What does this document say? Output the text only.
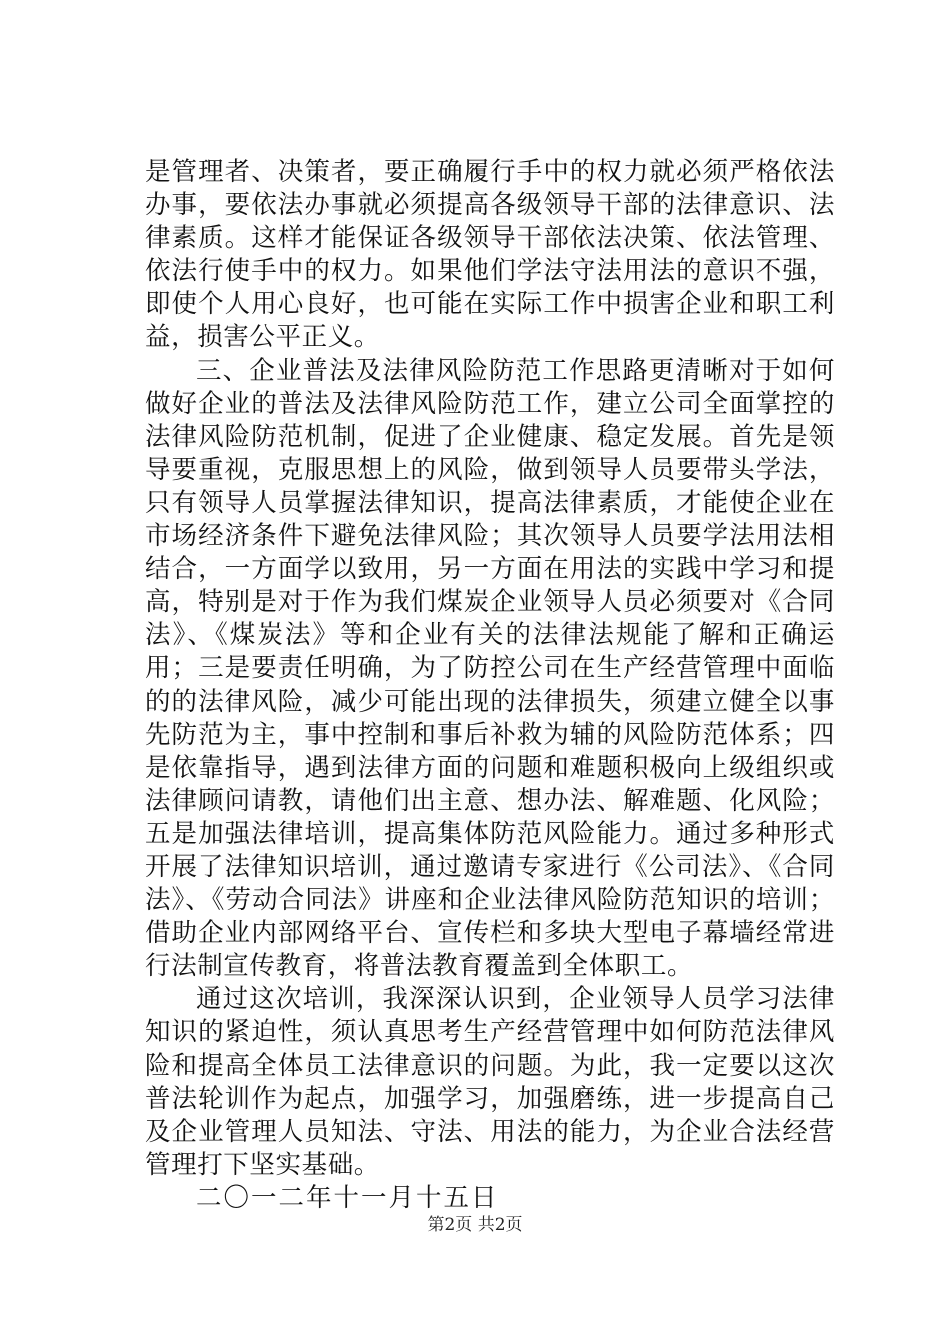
是管理者、决策者，要正确履行手中的权力就必须严格依法办事，要依法办事就必须提高各级领导干部的法律意识、法律素质。这样才能保证各级领导干部依法决策、依法管理、依法行使手中的权力。如果他们学法守法用法的意识不强，即使个人用心良好，也可能在实际工作中损害企业和职工利益，损害公平正义。

三、企业普法及法律风险防范工作思路更清晰对于如何做好企业的普法及法律风险防范工作，建立公司全面掌控的法律风险防范机制，促进了企业健康、稳定发展。首先是领导要重视，克服思想上的风险，做到领导人员要带头学法，只有领导人员掌握法律知识，提高法律素质，才能使企业在市场经济条件下避免法律风险；其次领导人员要学法用法相结合，一方面学以致用，另一方面在用法的实践中学习和提高，特别是对于作为我们煤炭企业领导人员必须要对《合同法》、《煤炭法》等和企业有关的法律法规能了解和正确运用；三是要责任明确，为了防控公司在生产经营管理中面临的的法律风险，减少可能出现的法律损失，须建立健全以事先防范为主，事中控制和事后补救为辅的风险防范体系；四是依靠指导，遇到法律方面的问题和难题积极向上级组织或法律顾问请教，请他们出主意、想办法、解难题、化风险；五是加强法律培训，提高集体防范风险能力。通过多种形式开展了法律知识培训，通过邀请专家进行《公司法》、《合同法》、《劳动合同法》讲座和企业法律风险防范知识的培训；借助企业内部网络平台、宣传栏和多块大型电子幕墙经常进行法制宣传教育，将普法教育覆盖到全体职工。

通过这次培训，我深深认识到，企业领导人员学习法律知识的紧迫性，须认真思考生产经营管理中如何防范法律风险和提高全体员工法律意识的问题。为此，我一定要以这次普法轮训作为起点，加强学习，加强磨练，进一步提高自己及企业管理人员知法、守法、用法的能力，为企业合法经营管理打下坚实基础。

二〇一二年十一月十五日

第2页 共2页
